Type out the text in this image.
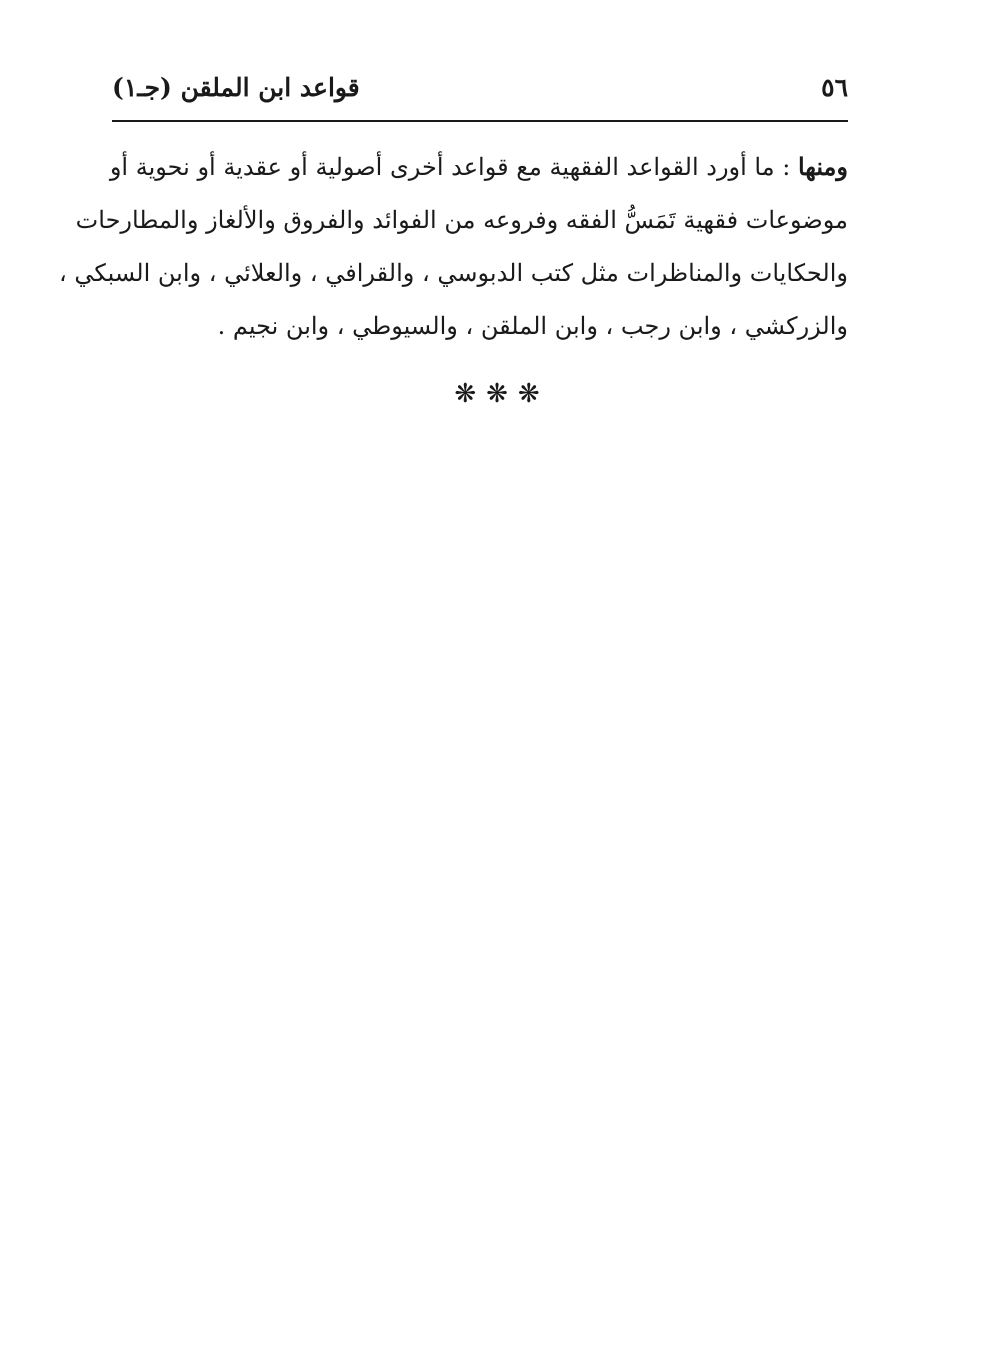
٥٦
قواعد ابن الملقن (جـ١)
ومنها : ما أورد القواعد الفقهية مع قواعد أخرى أصولية أو عقدية أو نحوية أو
موضوعات فقهية تَمَسُّ الفقه وفروعه من الفوائد والفروق والألغاز والمطارحات
والحكايات والمناظرات مثل كتب الدبوسي ، والقرافي ، والعلائي ، وابن السبكي ،
والزركشي ، وابن رجب ، وابن الملقن ، والسيوطي ، وابن نجيم .
❋❋❋
